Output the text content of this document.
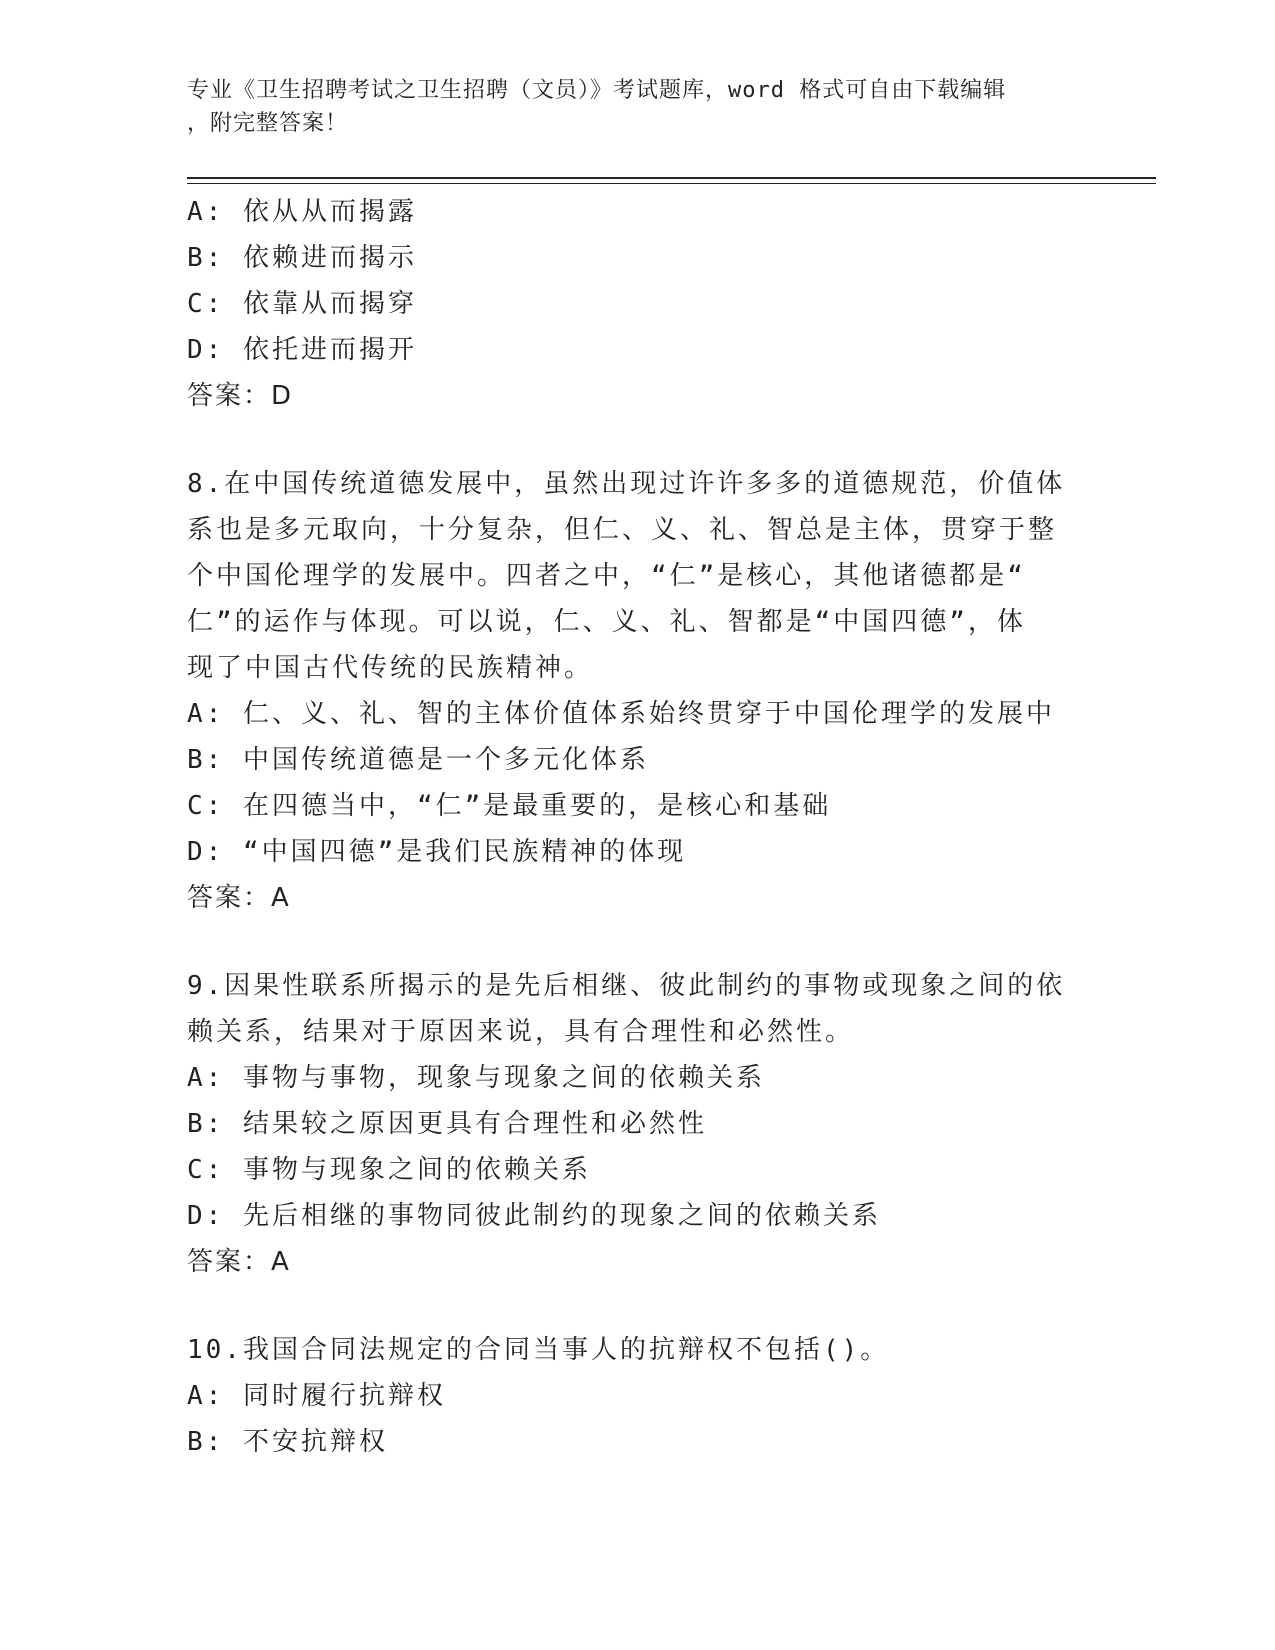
专业《卫生招聘考试之卫生招聘（文员）》考试题库，word 格式可自由下载编辑
，附完整答案！
A: 依从从而揭露
B: 依赖进而揭示
C: 依靠从而揭穿
D: 依托进而揭开
答案：D
8.在中国传统道德发展中，虽然出现过许许多多的道德规范，价值体
系也是多元取向，十分复杂，但仁、义、礼、智总是主体，贯穿于整
个中国伦理学的发展中。四者之中，“仁”是核心，其他诸德都是“
仁”的运作与体现。可以说，仁、义、礼、智都是“中国四德”，体
现了中国古代传统的民族精神。
A: 仁、义、礼、智的主体价值体系始终贯穿于中国伦理学的发展中
B: 中国传统道德是一个多元化体系
C: 在四德当中，“仁”是最重要的，是核心和基础
D: “中国四德”是我们民族精神的体现
答案：A
9.因果性联系所揭示的是先后相继、彼此制约的事物或现象之间的依
赖关系，结果对于原因来说，具有合理性和必然性。
A: 事物与事物，现象与现象之间的依赖关系
B: 结果较之原因更具有合理性和必然性
C: 事物与现象之间的依赖关系
D: 先后相继的事物同彼此制约的现象之间的依赖关系
答案：A
10.我国合同法规定的合同当事人的抗辩权不包括()。
A: 同时履行抗辩权
B: 不安抗辩权
